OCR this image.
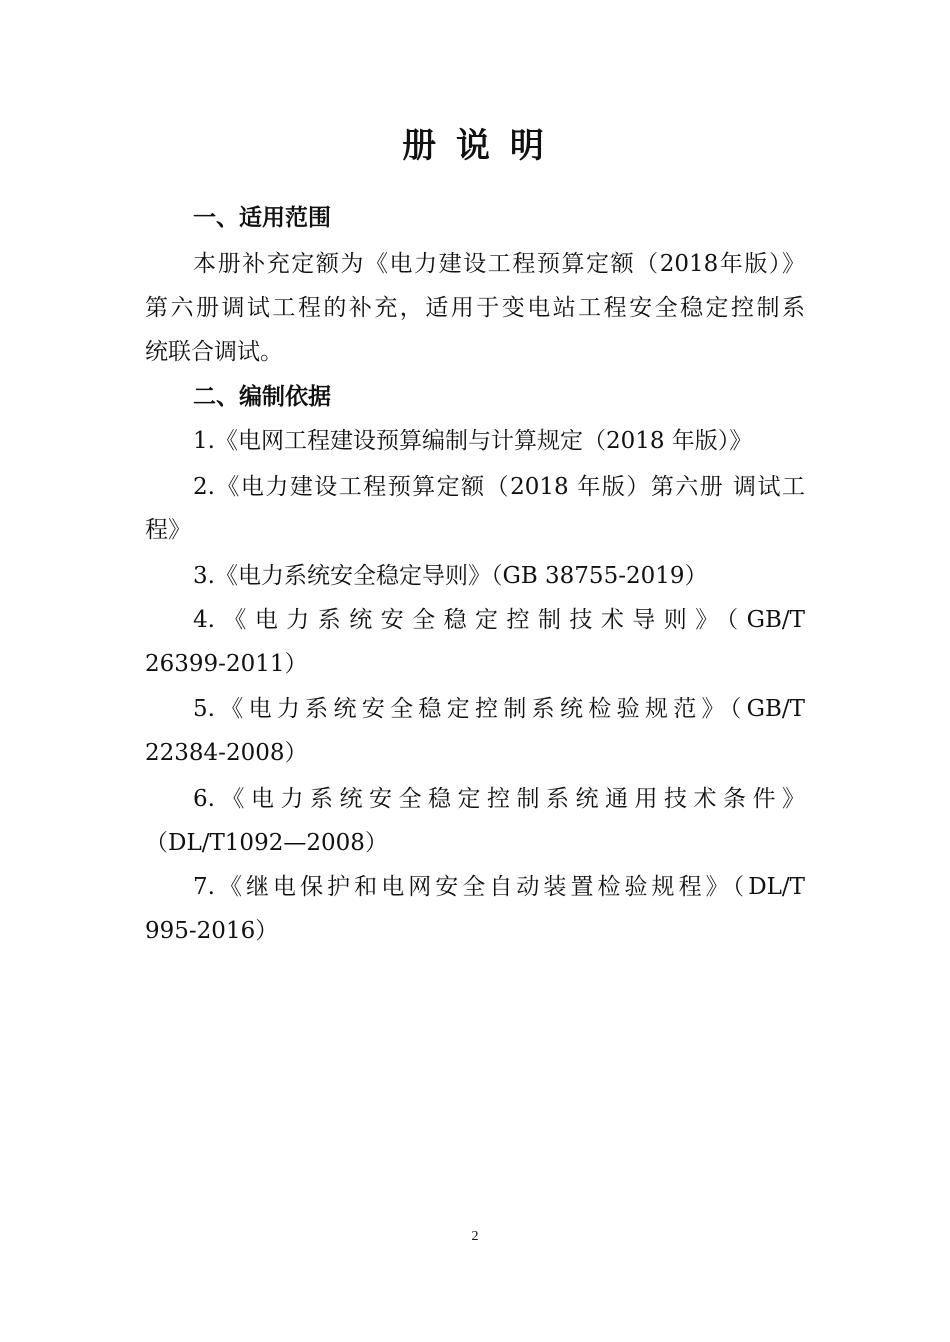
册 说 明
一、适用范围
本册补充定额为《电力建设工程预算定额（2018年版）》
第六册调试工程的补充，适用于变电站工程安全稳定控制系
统联合调试。
二、编制依据
1.《电网工程建设预算编制与计算规定（2018 年版）》
2.《电力建设工程预算定额（2018 年版）第六册 调试工
程》
3.《电力系统安全稳定导则》（GB 38755-2019）
4.《电力系统安全稳定控制技术导则》（GB/T
26399-2011）
5.《电力系统安全稳定控制系统检验规范》（GB/T
22384-2008）
6.《电力系统安全稳定控制系统通用技术条件》
（DL/T1092—2008）
7.《继电保护和电网安全自动装置检验规程》（DL/T
995-2016）
2
